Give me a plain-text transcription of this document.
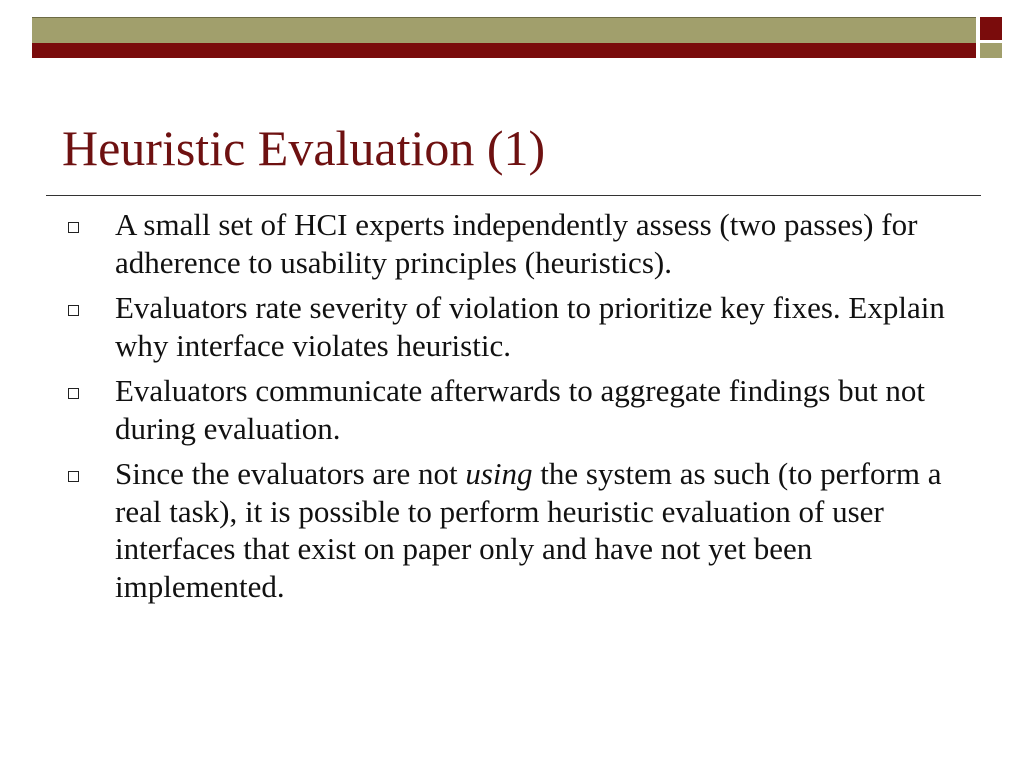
Heuristic Evaluation (1)
A small set of HCI experts independently assess (two passes) for adherence to usability principles (heuristics).
Evaluators rate severity of violation to prioritize key fixes. Explain why interface violates heuristic.
Evaluators communicate afterwards to aggregate findings but not during evaluation.
Since the evaluators are not using the system as such (to perform a real task), it is possible to perform heuristic evaluation of user interfaces that exist on paper only and have not yet been implemented.
